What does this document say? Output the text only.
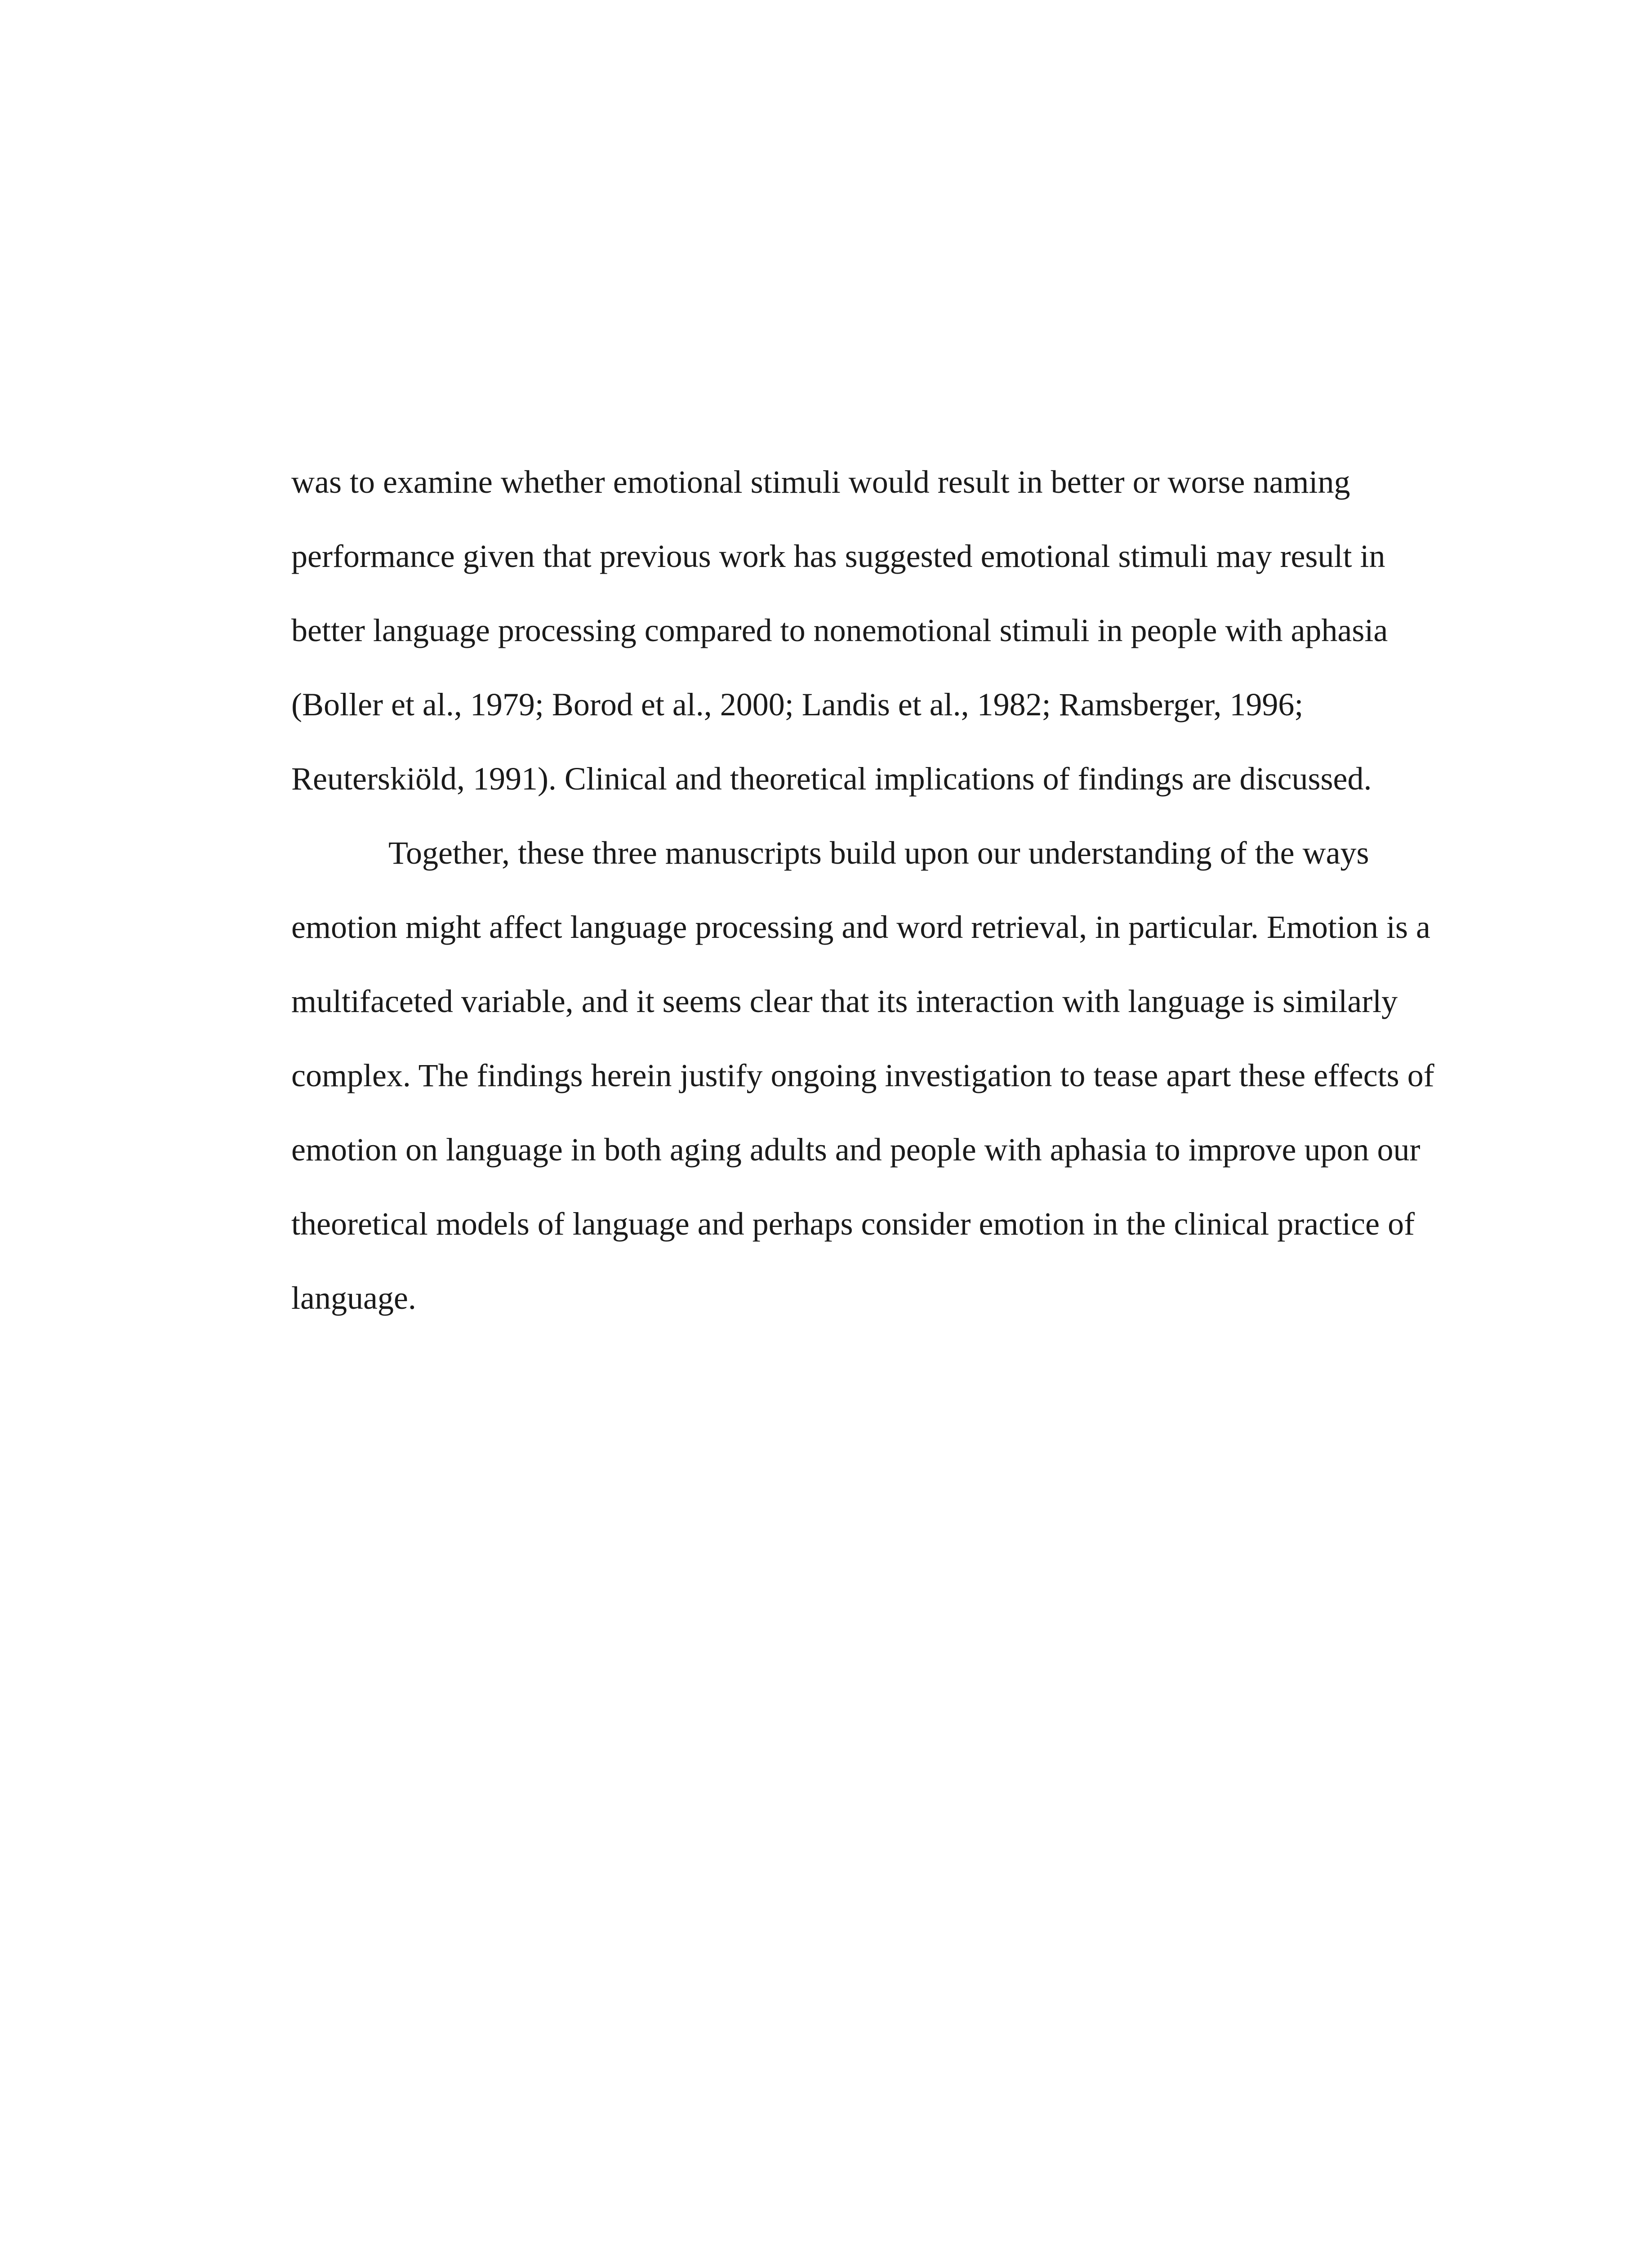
was to examine whether emotional stimuli would result in better or worse naming

performance given that previous work has suggested emotional stimuli may result in

better language processing compared to nonemotional stimuli in people with aphasia

(Boller et al., 1979; Borod et al., 2000; Landis et al., 1982; Ramsberger, 1996;

Reuterskiöld, 1991). Clinical and theoretical implications of findings are discussed.

Together, these three manuscripts build upon our understanding of the ways

emotion might affect language processing and word retrieval, in particular. Emotion is a

multifaceted variable, and it seems clear that its interaction with language is similarly

complex. The findings herein justify ongoing investigation to tease apart these effects of

emotion on language in both aging adults and people with aphasia to improve upon our

theoretical models of language and perhaps consider emotion in the clinical practice of

language.
